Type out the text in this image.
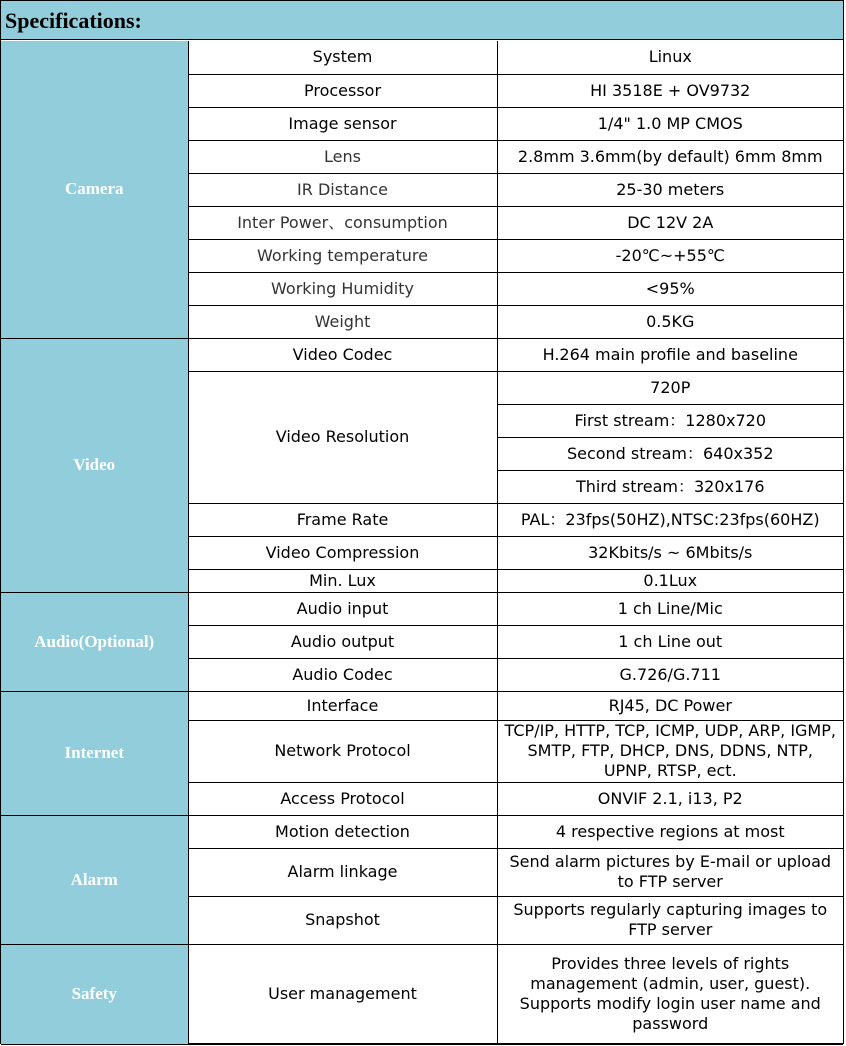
Specifications:
Camera	System	Linux
	Processor	HI 3518E + OV9732
	Image sensor	1/4" 1.0 MP CMOS
	Lens	2.8mm 3.6mm(by default) 6mm 8mm
	IR Distance	25-30 meters
	Inter Power、consumption	DC 12V 2A
	Working temperature	-20℃~+55℃
	Working Humidity	<95%
	Weight	0.5KG
Video	Video Codec	H.264 main profile and baseline
	Video Resolution	720P
		First stream：1280x720
		Second stream：640x352
		Third stream：320x176
	Frame Rate	PAL：23fps(50HZ),NTSC:23fps(60HZ)
	Video Compression	32Kbits/s ~ 6Mbits/s
	Min. Lux	0.1Lux

Audio(Optional)	Audio input	1 ch Line/Mic
	Audio output	1 ch Line out
	Audio Codec	G.726/G.711
Internet	Interface	RJ45, DC Power
	Network Protocol	TCP/IP, HTTP, TCP, ICMP, UDP, ARP, IGMP, SMTP, FTP, DHCP, DNS, DDNS, NTP, UPNP, RTSP, ect.
	Access Protocol	ONVIF 2.1, i13, P2
Alarm	Motion detection	4 respective regions at most
	Alarm linkage	Send alarm pictures by E-mail or upload to FTP server
	Snapshot	Supports regularly capturing images to FTP server
Safety	User management	Provides three levels of rights management (admin, user, guest). Supports modify login user name and password
